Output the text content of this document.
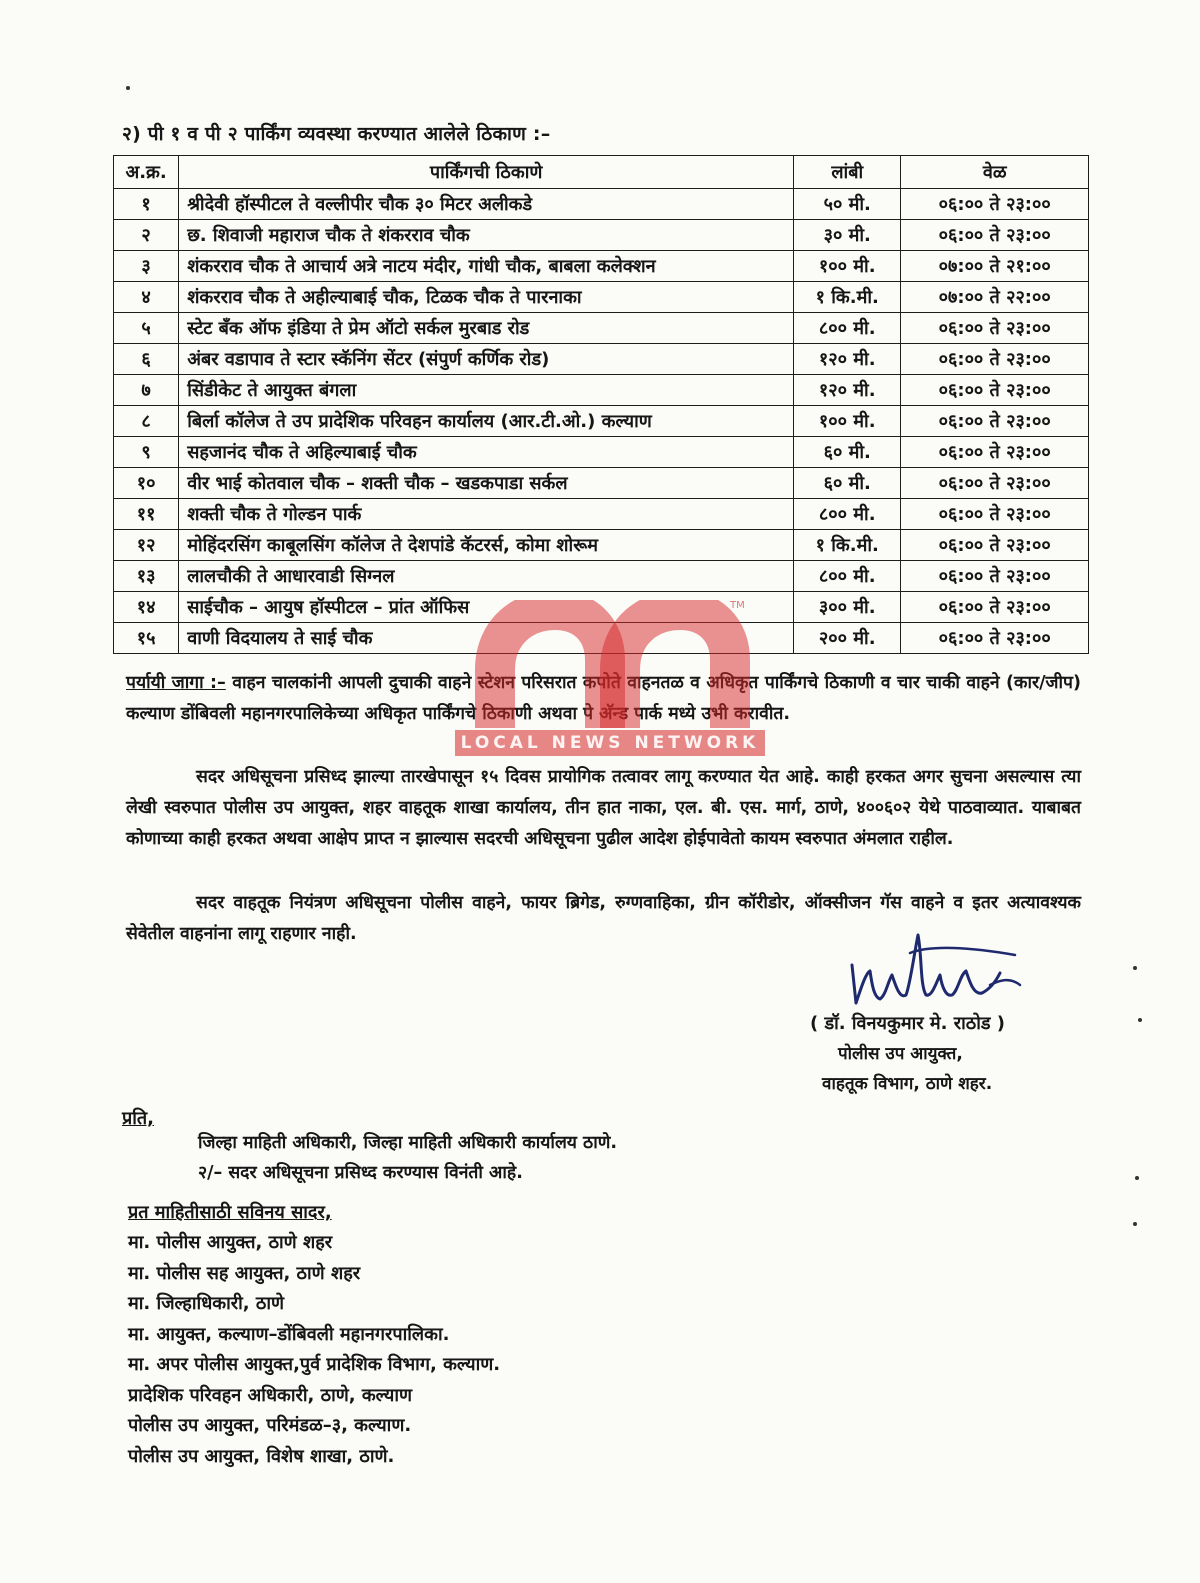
२) पी १ व पी २ पार्किंग व्यवस्था करण्यात आलेले ठिकाण :–
अ.क्र.	पार्किंगची ठिकाणे	लांबी	वेळ
१	श्रीदेवी हॉस्पीटल ते वल्लीपीर चौक ३० मिटर अलीकडे	५० मी.	०६:०० ते २३:००
२	छ. शिवाजी महाराज चौक ते शंकरराव चौक	३० मी.	०६:०० ते २३:००
३	शंकरराव चौक ते आचार्य अत्रे नाटय मंदीर, गांधी चौक, बाबला कलेक्शन	१०० मी.	०७:०० ते २१:००
४	शंकरराव चौक ते अहील्याबाई चौक, टिळक चौक ते पारनाका	१ कि.मी.	०७:०० ते २२:००
५	स्टेट बँक ऑफ इंडिया ते प्रेम ऑटो सर्कल मुरबाड रोड	८०० मी.	०६:०० ते २३:००
६	अंबर वडापाव ते स्टार स्कॅनिंग सेंटर (संपुर्ण कर्णिक रोड)	१२० मी.	०६:०० ते २३:००
७	सिंडीकेट ते आयुक्त बंगला	१२० मी.	०६:०० ते २३:००
८	बिर्ला कॉलेज ते उप प्रादेशिक परिवहन कार्यालय (आर.टी.ओ.) कल्याण	१०० मी.	०६:०० ते २३:००
९	सहजानंद चौक ते अहिल्याबाई चौक	६० मी.	०६:०० ते २३:००
१०	वीर भाई कोतवाल चौक – शक्ती चौक – खडकपाडा सर्कल	६० मी.	०६:०० ते २३:००
११	शक्ती चौक ते गोल्डन पार्क	८०० मी.	०६:०० ते २३:००
१२	मोहिंदरसिंग काबूलसिंग कॉलेज ते देशपांडे कॅटरर्स, कोमा शोरूम	१ कि.मी.	०६:०० ते २३:००
१३	लालचौकी ते आधारवाडी सिग्नल	८०० मी.	०६:०० ते २३:००
१४	साईचौक – आयुष हॉस्पीटल – प्रांत ऑफिस	३०० मी.	०६:०० ते २३:००
१५	वाणी विदयालय ते साई चौक	२०० मी.	०६:०० ते २३:००
पर्यायी जागा :– वाहन चालकांनी आपली दुचाकी वाहने स्टेशन परिसरात कपोते वाहनतळ व अधिकृत पार्किंगचे ठिकाणी व चार चाकी वाहने (कार/जीप) कल्याण डोंबिवली महानगरपालिकेच्या अधिकृत पार्किंगचे ठिकाणी अथवा पे अ‍ॅन्ड पार्क मध्ये उभी करावीत.
सदर अधिसूचना प्रसिध्द झाल्या तारखेपासून १५ दिवस प्रायोगिक तत्वावर लागू करण्यात येत आहे. काही हरकत अगर सुचना असल्यास त्या लेखी स्वरुपात पोलीस उप आयुक्त, शहर वाहतूक शाखा कार्यालय, तीन हात नाका, एल. बी. एस. मार्ग, ठाणे, ४००६०२ येथे पाठवाव्यात. याबाबत कोणाच्या काही हरकत अथवा आक्षेप प्राप्त न झाल्यास सदरची अधिसूचना पुढील आदेश होईपावेतो कायम स्वरुपात अंमलात राहील.
सदर वाहतूक नियंत्रण अधिसूचना पोलीस वाहने, फायर ब्रिगेड, रुग्णवाहिका, ग्रीन कॉरीडोर, ऑक्सीजन गॅस वाहने व इतर अत्यावश्यक सेवेतील वाहनांना लागू राहणार नाही.
( डॉ. विनयकुमार मे. राठोड )
पोलीस उप आयुक्त,
वाहतूक विभाग, ठाणे शहर.
प्रति,
जिल्हा माहिती अधिकारी, जिल्हा माहिती अधिकारी कार्यालय ठाणे.
२/– सदर अधिसूचना प्रसिध्द करण्यास विनंती आहे.
प्रत माहितीसाठी सविनय सादर,
मा. पोलीस आयुक्त, ठाणे शहर
मा. पोलीस सह आयुक्त, ठाणे शहर
मा. जिल्हाधिकारी, ठाणे
मा. आयुक्त, कल्याण–डोंबिवली महानगरपालिका.
मा. अपर पोलीस आयुक्त,पुर्व प्रादेशिक विभाग, कल्याण.
प्रादेशिक परिवहन अधिकारी, ठाणे, कल्याण
पोलीस उप आयुक्त, परिमंडळ–३, कल्याण.
पोलीस उप आयुक्त, विशेष शाखा, ठाणे.
TM
LOCAL NEWS NETWORK
